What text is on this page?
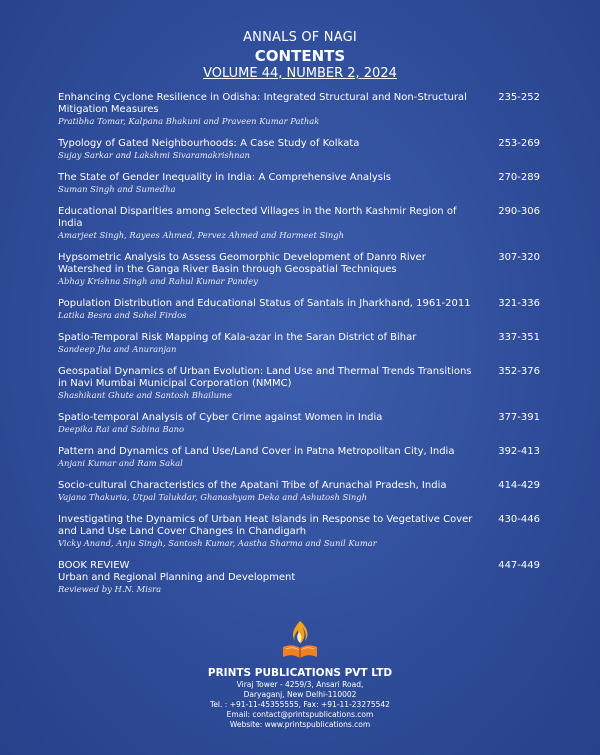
ANNALS OF NAGI
CONTENTS
VOLUME 44, NUMBER 2, 2024
Enhancing Cyclone Resilience in Odisha: Integrated Structural and Non-Structural Mitigation Measures
Pratibha Tomar, Kalpana Bhakuni and Praveen Kumar Pathak
235-252
Typology of Gated Neighbourhoods: A Case Study of Kolkata
Sujay Sarkar and Lakshmi Sivaramakrishnan
253-269
The State of Gender Inequality in India: A Comprehensive Analysis
Suman Singh and Sumedha
270-289
Educational Disparities among Selected Villages in the North Kashmir Region of India
Amarjeet Singh, Rayees Ahmed, Pervez Ahmed and Harmeet Singh
290-306
Hypsometric Analysis to Assess Geomorphic Development of Danro River Watershed in the Ganga River Basin through Geospatial Techniques
Abhay Krishna Singh and Rahul Kumar Pandey
307-320
Population Distribution and Educational Status of Santals in Jharkhand, 1961-2011
Latika Besra and Sohel Firdos
321-336
Spatio-Temporal Risk Mapping of Kala-azar in the Saran District of Bihar
Sandeep Jha and Anuranjan
337-351
Geospatial Dynamics of Urban Evolution: Land Use and Thermal Trends Transitions in Navi Mumbai Municipal Corporation (NMMC)
Shashikant Ghute and Santosh Bhailume
352-376
Spatio-temporal Analysis of Cyber Crime against Women in India
Deepika Rai and Sabina Bano
377-391
Pattern and Dynamics of Land Use/Land Cover in Patna Metropolitan City, India
Anjani Kumar and Ram Sakal
392-413
Socio-cultural Characteristics of the Apatani Tribe of Arunachal Pradesh, India
Vajana Thakuria, Utpal Talukdar, Ghanashyam Deka and Ashutosh Singh
414-429
Investigating the Dynamics of Urban Heat Islands in Response to Vegetative Cover and Land Use Land Cover Changes in Chandigarh
Vicky Anand, Anju Singh, Santosh Kumar, Aastha Sharma and Sunil Kumar
430-446
BOOK REVIEW
Urban and Regional Planning and Development
Reviewed by H.N. Misra
447-449
PRINTS PUBLICATIONS PVT LTD
Viraj Tower - 4259/3, Ansari Road,
Daryaganj, New Delhi-110002
Tel. : +91-11-45355555, Fax: +91-11-23275542
Email: contact@printspublications.com
Website: www.printspublications.com
